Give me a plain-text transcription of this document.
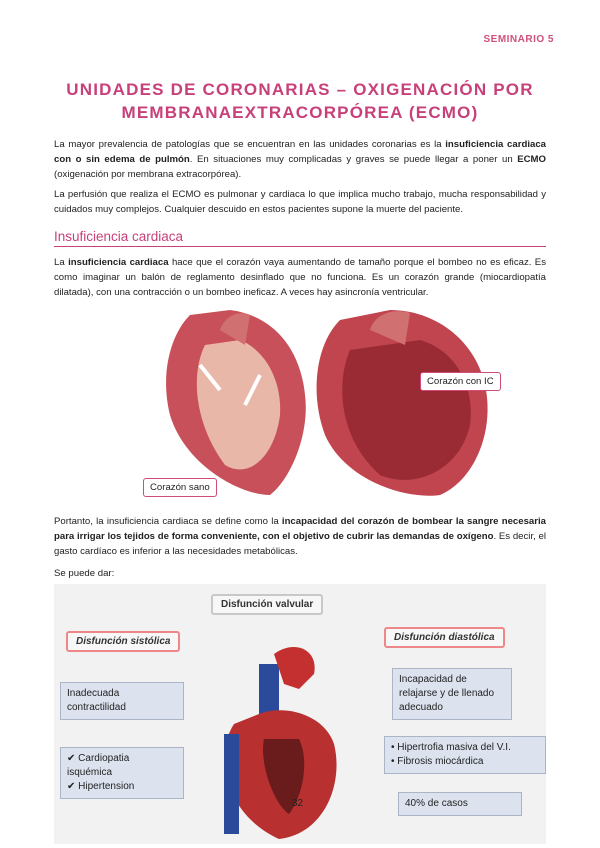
SEMINARIO 5
UNIDADES DE CORONARIAS – OXIGENACIÓN POR
MEMBRANAEXTRACORPÓREA (ECMO)

La mayor prevalencia de patologías que se encuentran en las unidades coronarias es la insuficiencia cardiaca con o sin edema de pulmón. En situaciones muy complicadas y graves se puede llegar a poner un ECMO (oxigenación por membrana extracorpórea).

La perfusión que realiza el ECMO es pulmonar y cardiaca lo que implica mucho trabajo, mucha responsabilidad y cuidados muy complejos. Cualquier descuido en estos pacientes supone la muerte del paciente.

Insuficiencia cardiaca

La insuficiencia cardiaca hace que el corazón vaya aumentando de tamaño porque el bombeo no es eficaz. Es como imaginar un balón de reglamento desinflado que no funciona. Es un corazón grande (miocardiopatía dilatada), con una contracción o un bombeo ineficaz. A veces hay asincronía ventricular.

Corazón con IC
Corazón sano

Portanto, la insuficiencia cardiaca se define como la incapacidad del corazón de bombear la sangre necesaria para irrigar los tejidos de forma conveniente, con el objetivo de cubrir las demandas de oxígeno. Es decir, el gasto cardíaco es inferior a las necesidades metabólicas.

Se puede dar:

Disfunción valvular
Disfunción sistólica	Disfunción diastólica
Inadecuada contractilidad
✔ Cardiopatia isquémica
✔ Hipertension
Incapacidad de relajarse y de llenado adecuado
• Hipertrofia masiva del V.I.
• Fibrosis miocárdica
40% de casos
32
